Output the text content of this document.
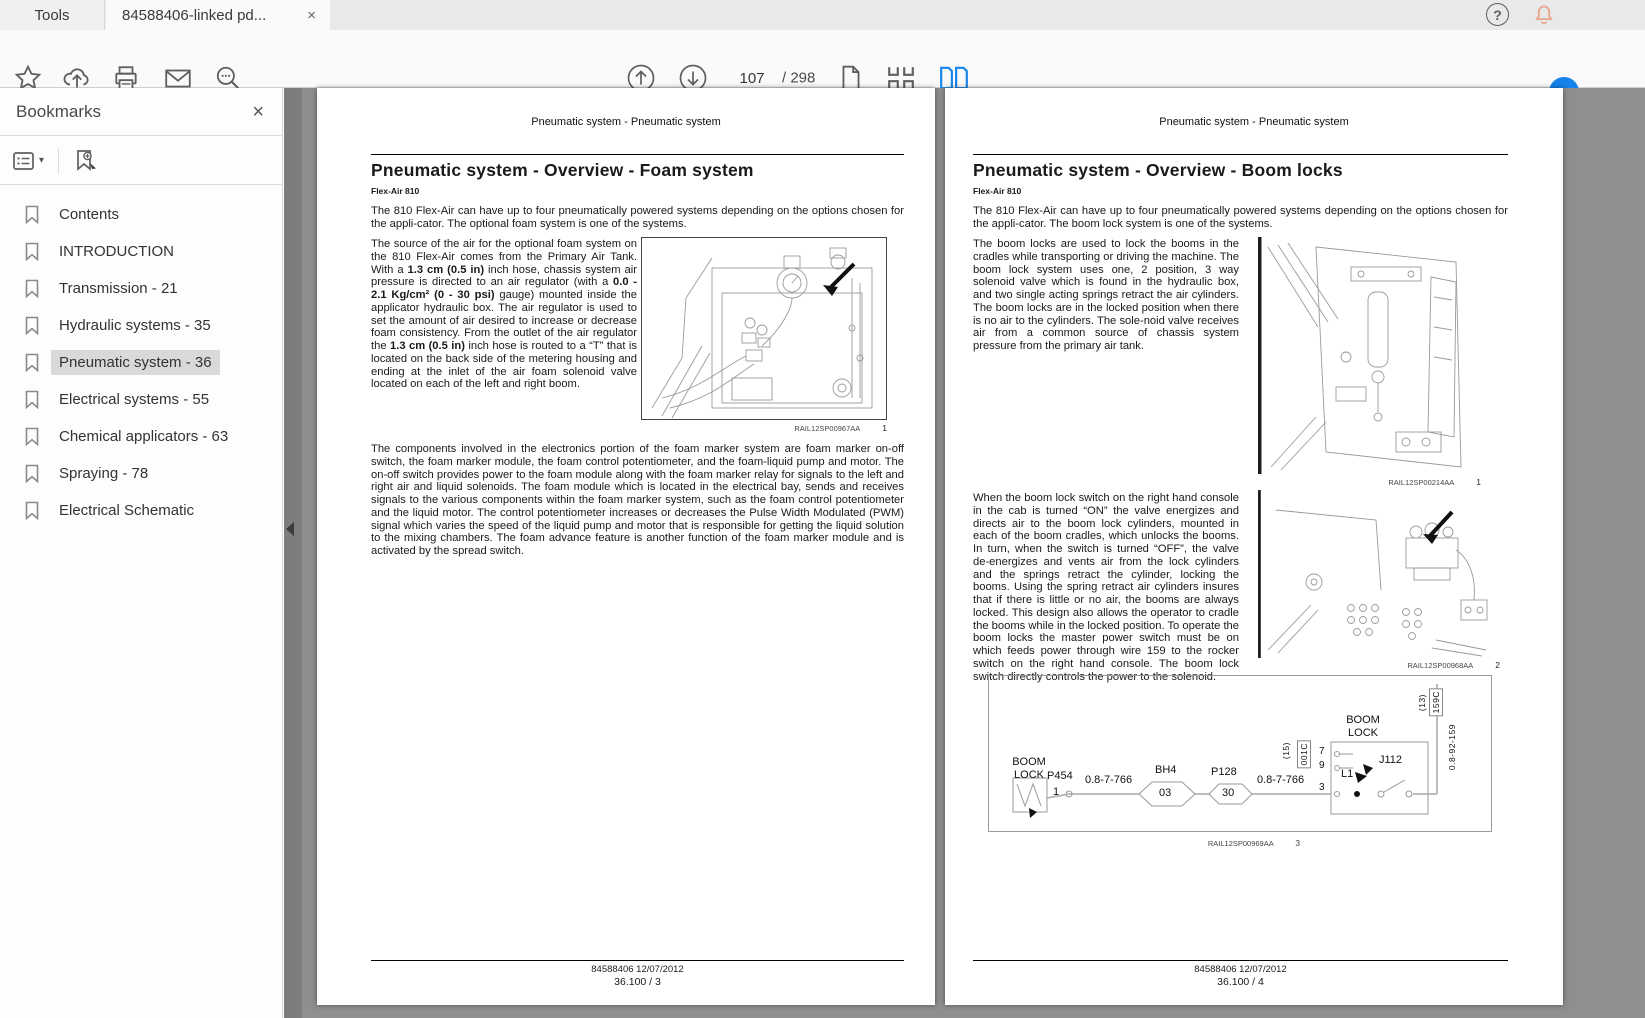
Tools	84588406-linked pd...	×	?
107
/ 298
Bookmarks	×
▾
Contents
INTRODUCTION
Transmission - 21
Hydraulic systems - 35
Pneumatic system - 36
Electrical systems - 55
Chemical applicators - 63
Spraying - 78
Electrical Schematic
Pneumatic system - Pneumatic system
Pneumatic system - Overview - Foam system
Flex-Air 810
The 810 Flex-Air can have up to four pneumatically powered systems depending on the options chosen for the appli-cator. The optional foam system is one of the systems.
The source of the air for the optional foam system on the 810 Flex-Air comes from the Primary Air Tank. With a 1.3 cm (0.5 in) inch hose, chassis system air pressure is directed to an air regulator (with a 0.0 - 2.1 Kg/cm² (0 - 30 psi) gauge) mounted inside the applicator hydraulic box. The air regulator is used to set the amount of air desired to increase or decrease foam consistency. From the outlet of the air regulator the 1.3 cm (0.5 in) inch hose is routed to a “T” that is located on the back side of the metering housing and ending at the inlet of the air foam solenoid valve located on each of the left and right boom.
RAIL12SP00967AA	1
The components involved in the electronics portion of the foam marker system are foam marker on-off switch, the foam marker module, the foam control potentiometer, and the foam-liquid pump and motor. The on-off switch provides power to the foam module along with the foam marker relay for signals to the left and right air and liquid solenoids. The foam module which is located in the electrical bay, sends and receives signals to the various components within the foam marker system, such as the foam control potentiometer and the liquid motor. The control potentiometer increases or decreases the Pulse Width Modulated (PWM) signal which varies the speed of the liquid pump and motor that is responsible for getting the liquid solution to the mixing chambers. The foam advance feature is another function of the foam marker module and is activated by the spread switch.
84588406 12/07/2012
36.100 / 3
Pneumatic system - Pneumatic system
Pneumatic system - Overview - Boom locks
Flex-Air 810
The 810 Flex-Air can have up to four pneumatically powered systems depending on the options chosen for the appli-cator. The boom lock system is one of the systems.
The boom locks are used to lock the booms in the cradles while transporting or driving the machine. The boom lock system uses one, 2 position, 3 way solenoid valve which is found in the hydraulic box, and two single acting springs retract the air cylinders. The boom locks are in the locked position when there is no air to the cylinders. The sole-noid valve receives air from a common source of chassis system pressure from the primary air tank.
RAIL12SP00214AA	1
When the boom lock switch on the right hand console in the cab is turned “ON” the valve energizes and directs air to the boom lock cylinders, mounted in each of the boom cradles, which unlocks the booms. In turn, when the switch is turned “OFF”, the valve de-energizes and vents air from the lock cylinders and the springs retract the cylinder, locking the booms. Using the spring retract air cylinders insures that if there is little or no air, the booms are always locked. This design also allows the operator to cradle the booms while in the locked position. To operate the boom locks the master power switch must be on which feeds power through wire 159 to the rocker switch on the right hand console. The boom lock switch directly controls the power to the solenoid.
RAIL12SP00968AA	2
BOOM LOCK P454
1
0.8-7-766
BH4
03
P128
30
0.8-7-766
(15) 001C 7
9
3
L1
J112
BOOM LOCK
(13) 159C
0.8-92-159
RAIL12SP00969AA	3
84588406 12/07/2012
36.100 / 4
